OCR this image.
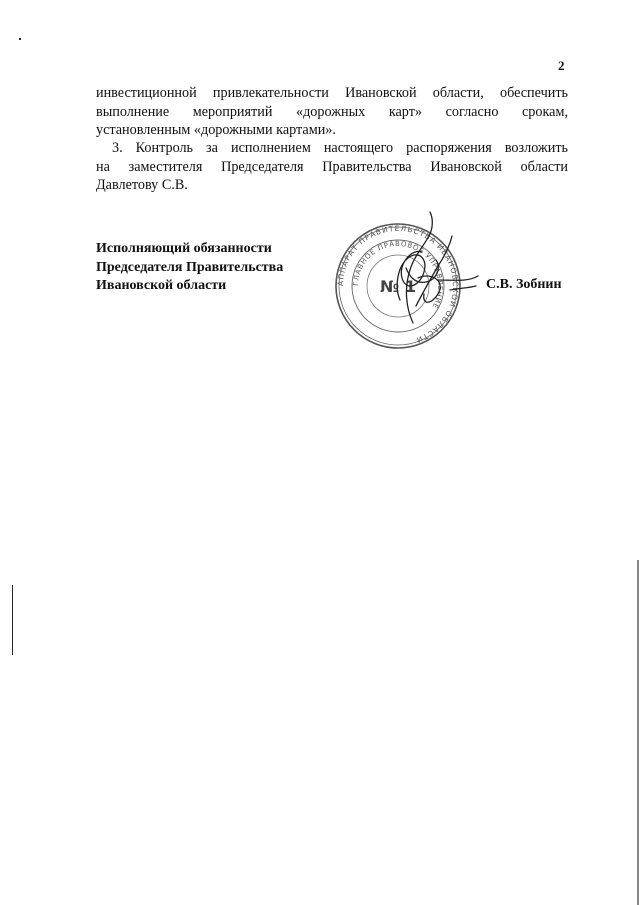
2
инвестиционной привлекательности Ивановской области, обеспечить
выполнение мероприятий «дорожных карт» согласно срокам,
установленным «дорожными картами».
3. Контроль за исполнением настоящего распоряжения возложить
на заместителя Председателя Правительства Ивановской области
Давлетову С.В.
Исполняющий обязанности
Председателя Правительства
Ивановской области	АППАРАТ ПРАВИТЕЛЬСТВА ИВАНОВСКОЙ ОБЛАСТИ
ГЛАВНОЕ ПРАВОВОЕ УПРАВЛЕНИЕ
№ 1	С.В. Зобнин
